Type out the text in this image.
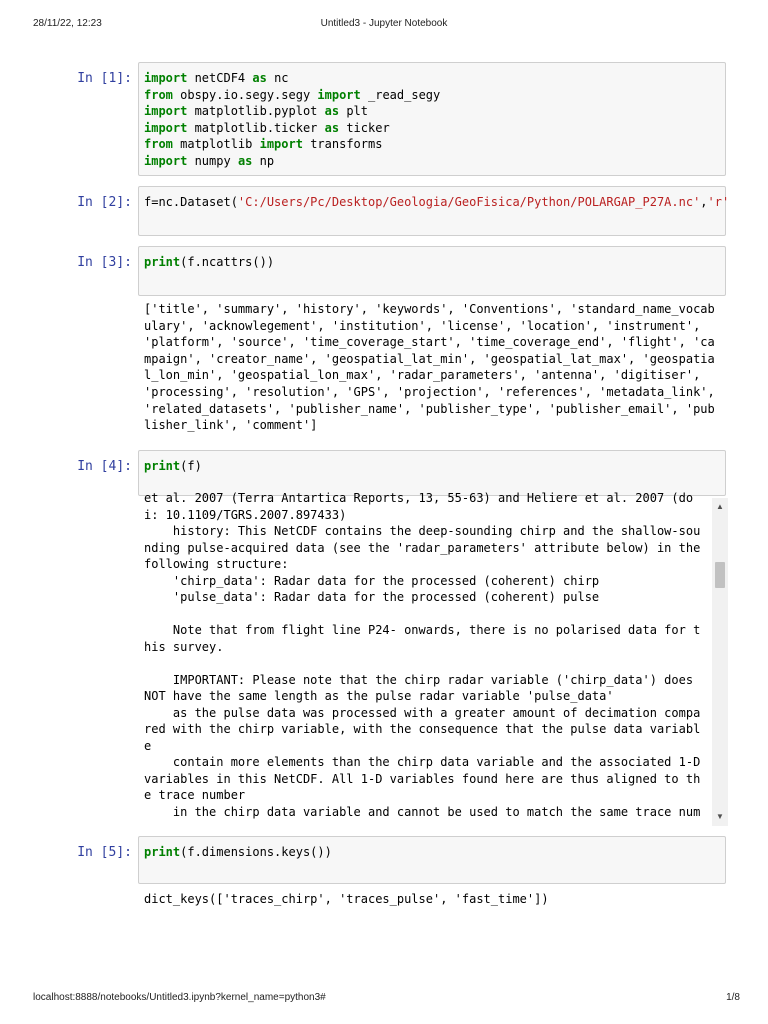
28/11/22, 12:23	Untitled3 - Jupyter Notebook
In [1]: import netCDF4 as nc
from obspy.io.segy.segy import _read_segy
import matplotlib.pyplot as plt
import matplotlib.ticker as ticker
from matplotlib import transforms
import numpy as np
In [2]: f=nc.Dataset('C:/Users/Pc/Desktop/Geologia/GeoFisica/Python/POLARGAP_P27A.nc','r'
In [3]: print(f.ncattrs())
['title', 'summary', 'history', 'keywords', 'Conventions', 'standard_name_vocab
ulary', 'acknowlegement', 'institution', 'license', 'location', 'instrument',
'platform', 'source', 'time_coverage_start', 'time_coverage_end', 'flight', 'ca
mpaign', 'creator_name', 'geospatial_lat_min', 'geospatial_lat_max', 'geospatia
l_lon_min', 'geospatial_lon_max', 'radar_parameters', 'antenna', 'digitiser',
'processing', 'resolution', 'GPS', 'projection', 'references', 'metadata_link',
'related_datasets', 'publisher_name', 'publisher_type', 'publisher_email', 'pub
lisher_link', 'comment']
In [4]: print(f)
et al. 2007 (Terra Antartica Reports, 13, 55-63) and Heliere et al. 2007 (do
i: 10.1109/TGRS.2007.897433)
history: This NetCDF contains the deep-sounding chirp and the shallow-sou
nding pulse-acquired data (see the 'radar_parameters' attribute below) in the
following structure:
'chirp_data': Radar data for the processed (coherent) chirp
'pulse_data': Radar data for the processed (coherent) pulse

Note that from flight line P24- onwards, there is no polarised data for t
his survey.

IMPORTANT: Please note that the chirp radar variable ('chirp_data') does
NOT have the same length as the pulse radar variable 'pulse_data'
as the pulse data was processed with a greater amount of decimation compa
red with the chirp variable, with the consequence that the pulse data variabl
e
contain more elements than the chirp data variable and the associated 1-D
variables in this NetCDF. All 1-D variables found here are thus aligned to th
e trace number
in the chirp data variable and cannot be used to match the same trace num
▲
▼
In [5]: print(f.dimensions.keys())
dict_keys(['traces_chirp', 'traces_pulse', 'fast_time'])
localhost:8888/notebooks/Untitled3.ipynb?kernel_name=python3#	1/8
